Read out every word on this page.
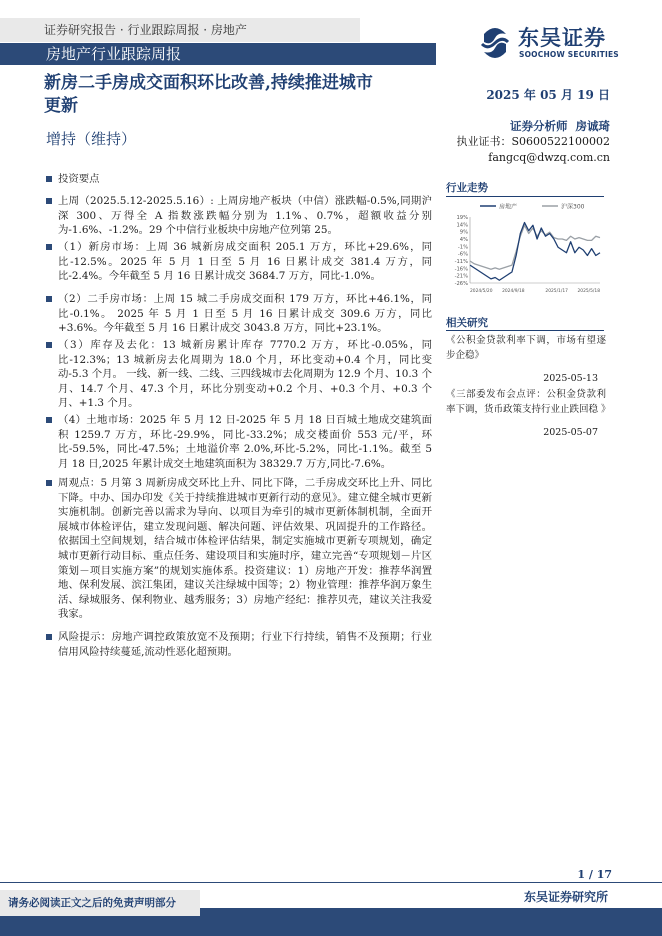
证券研究报告 · 行业跟踪周报 · 房地产
房地产行业跟踪周报
东吴证券
SOOCHOW SECURITIES
新房二手房成交面积环比改善,持续推进城市
更新
增持（维持）
2025 年 05 月 19 日
证券分析师 房诚琦
执业证书：S0600522100002
fangcq@dwzq.com.cn
投资要点
上周（2025.5.12-2025.5.16）: 上周房地产板块（中信）涨跌幅-0.5%,同期沪深 300、万得全 A 指数涨跌幅分别为 1.1%、0.7%，超额收益分别为-1.6%、-1.2%。29 个中信行业板块中房地产位列第 25。
（1）新房市场：上周 36 城新房成交面积 205.1 万方，环比+29.6%，同比-12.5%。2025 年 5 月 1 日至 5 月 16 日累计成交 381.4 万方，同比-2.4%。今年截至 5 月 16 日累计成交 3684.7 万方，同比-1.0%。
（2）二手房市场：上周 15 城二手房成交面积 179 万方，环比+46.1%，同比-0.1%。 2025 年 5 月 1 日至 5 月 16 日累计成交 309.6 万方，同比+3.6%。今年截至 5 月 16 日累计成交 3043.8 万方，同比+23.1%。
（3）库存及去化：13 城新房累计库存 7770.2 万方，环比-0.05%，同比-12.3%；13 城新房去化周期为 18.0 个月，环比变动+0.4 个月，同比变动-5.3 个月。 一线、新一线、二线、三四线城市去化周期为 12.9 个月、10.3 个月、14.7 个月、47.3 个月，环比分别变动+0.2 个月、+0.3 个月、+0.3 个月、+1.3 个月。
（4）土地市场：2025 年 5 月 12 日-2025 年 5 月 18 日百城土地成交建筑面积 1259.7 万方，环比-29.9%，同比-33.2%；成交楼面价 553 元/平，环比-59.5%，同比-47.5%；土地溢价率 2.0%,环比-5.2%，同比-1.1%。截至 5 月 18 日,2025 年累计成交土地建筑面积为 38329.7 万方,同比-7.6%。
周观点：5 月第 3 周新房成交环比上升、同比下降，二手房成交环比上升、同比下降。中办、国办印发《关于持续推进城市更新行动的意见》。建立健全城市更新实施机制。创新完善以需求为导向、以项目为牵引的城市更新体制机制，全面开展城市体检评估，建立发现问题、解决问题、评估效果、巩固提升的工作路径。依据国土空间规划，结合城市体检评估结果，制定实施城市更新专项规划，确定城市更新行动目标、重点任务、建设项目和实施时序，建立完善“专项规划－片区策划－项目实施方案”的规划实施体系。投资建议：1）房地产开发：推荐华润置地、保利发展、滨江集团，建议关注绿城中国等；2）物业管理：推荐华润万象生活、绿城服务、保利物业、越秀服务；3）房地产经纪：推荐贝壳，建议关注我爱我家。
风险提示：房地产调控政策放宽不及预期；行业下行持续，销售不及预期；行业信用风险持续蔓延,流动性恶化超预期。
行业走势
房地产	沪深300
19%
14%
9%
4%
-1%
-6%
-11%
-16%
-21%
-26%
2024/5/20 2024/9/18	2025/1/17 2025/5/18
相关研究
《公积金贷款利率下调，市场有望逐步企稳》
2025-05-13
《三部委发布会点评：公积金贷款利率下调，货币政策支持行业止跌回稳 》
2025-05-07
1 / 17
请务必阅读正文之后的免责声明部分	东吴证券研究所
